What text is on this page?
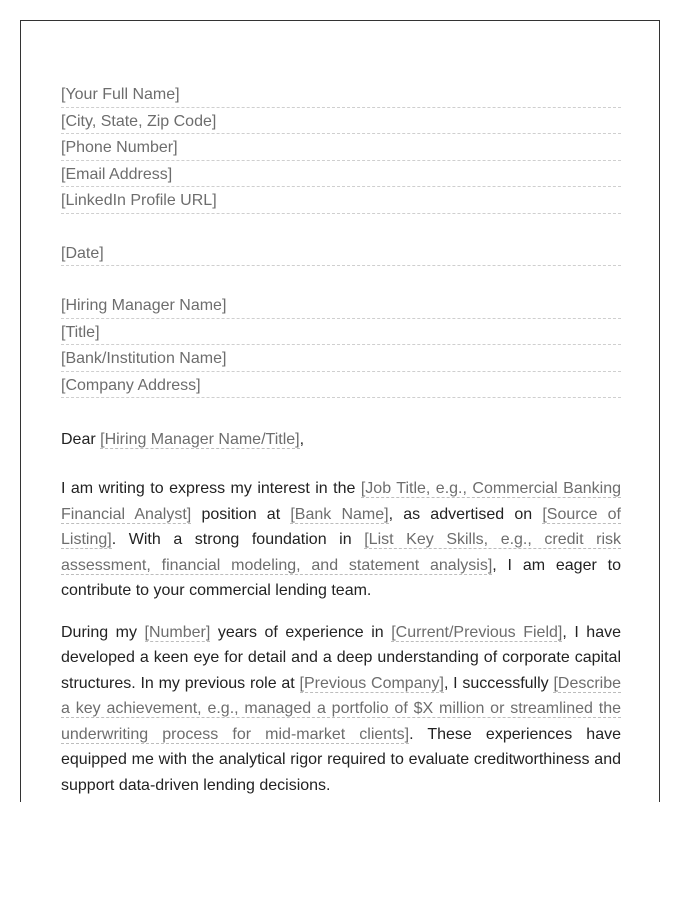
[Your Full Name]
[City, State, Zip Code]
[Phone Number]
[Email Address]
[LinkedIn Profile URL]
[Date]
[Hiring Manager Name]
[Title]
[Bank/Institution Name]
[Company Address]
Dear [Hiring Manager Name/Title],
I am writing to express my interest in the [Job Title, e.g., Commercial Banking Financial Analyst] position at [Bank Name], as advertised on [Source of Listing]. With a strong foundation in [List Key Skills, e.g., credit risk assessment, financial modeling, and statement analysis], I am eager to contribute to your commercial lending team.
During my [Number] years of experience in [Current/Previous Field], I have developed a keen eye for detail and a deep understanding of corporate capital structures. In my previous role at [Previous Company], I successfully [Describe a key achievement, e.g., managed a portfolio of $X million or streamlined the underwriting process for mid-market clients]. These experiences have equipped me with the analytical rigor required to evaluate creditworthiness and support data-driven lending decisions.
